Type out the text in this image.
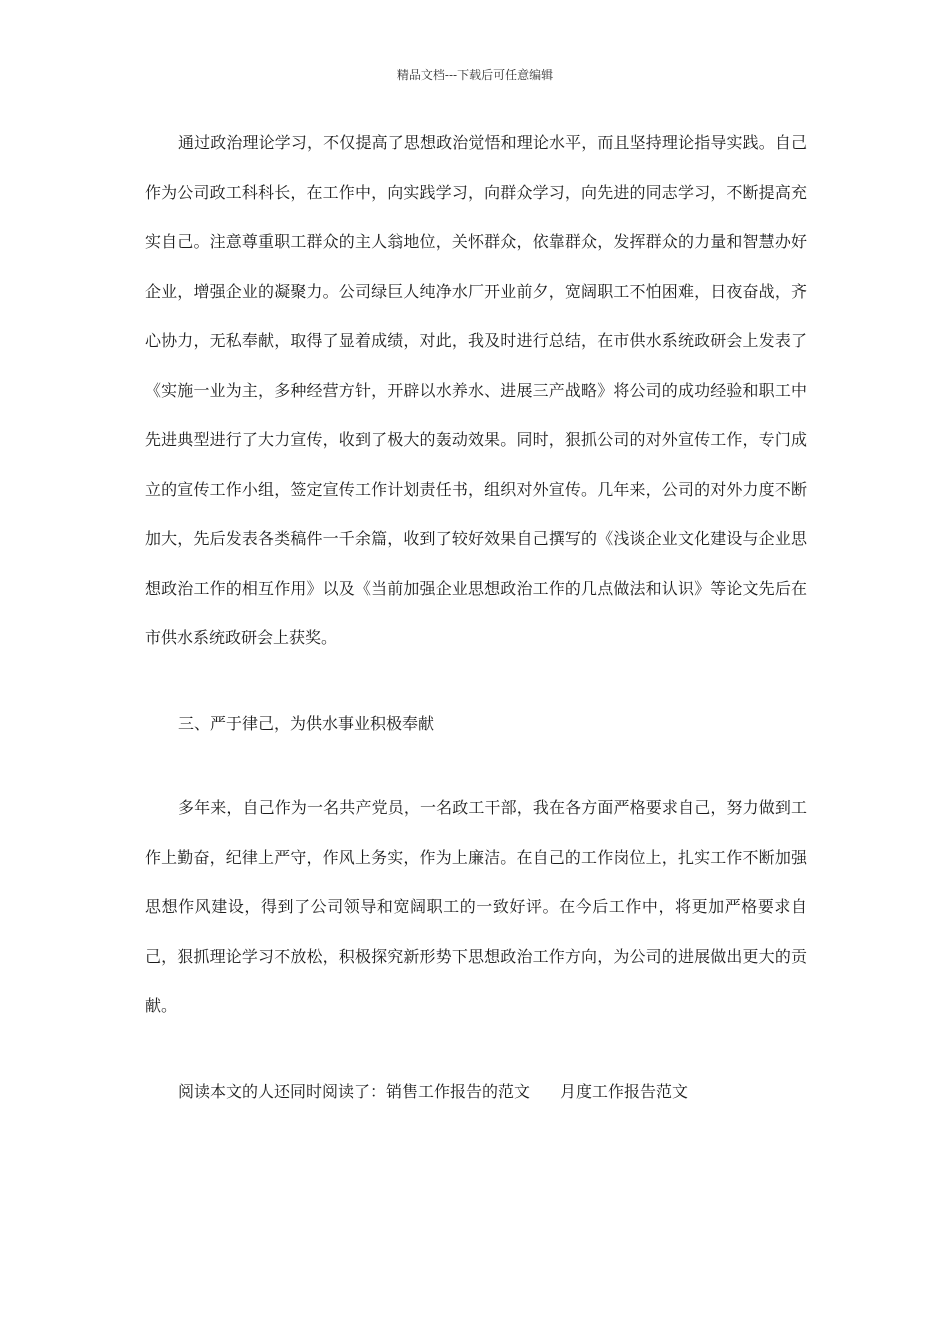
精品文档---下载后可任意编辑

通过政治理论学习，不仅提高了思想政治觉悟和理论水平，而且坚持理论指导实践。自己作为公司政工科科长，在工作中，向实践学习，向群众学习，向先进的同志学习，不断提高充实自己。注意尊重职工群众的主人翁地位，关怀群众，依靠群众，发挥群众的力量和智慧办好企业，增强企业的凝聚力。公司绿巨人纯净水厂开业前夕，宽阔职工不怕困难，日夜奋战，齐心协力，无私奉献，取得了显着成绩，对此，我及时进行总结，在市供水系统政研会上发表了《实施一业为主，多种经营方针，开辟以水养水、进展三产战略》将公司的成功经验和职工中先进典型进行了大力宣传，收到了极大的轰动效果。同时，狠抓公司的对外宣传工作，专门成立的宣传工作小组，签定宣传工作计划责任书，组织对外宣传。几年来，公司的对外力度不断加大，先后发表各类稿件一千余篇，收到了较好效果自己撰写的《浅谈企业文化建设与企业思想政治工作的相互作用》以及《当前加强企业思想政治工作的几点做法和认识》等论文先后在市供水系统政研会上获奖。

三、严于律己，为供水事业积极奉献

多年来，自己作为一名共产党员，一名政工干部，我在各方面严格要求自己，努力做到工作上勤奋，纪律上严守，作风上务实，作为上廉洁。在自己的工作岗位上，扎实工作不断加强思想作风建设，得到了公司领导和宽阔职工的一致好评。在今后工作中，将更加严格要求自己，狠抓理论学习不放松，积极探究新形势下思想政治工作方向，为公司的进展做出更大的贡献。

阅读本文的人还同时阅读了：销售工作报告的范文 月度工作报告范文
